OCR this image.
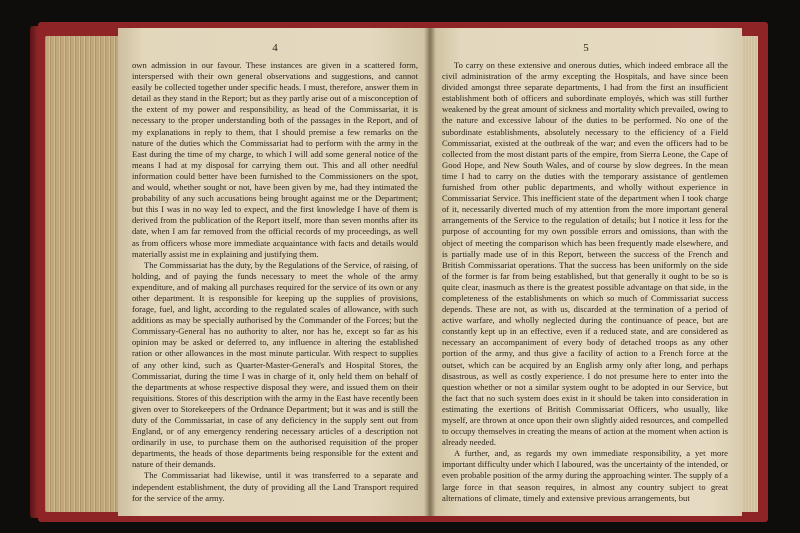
4

own admission in our favour. These instances are given in a scattered form, interspersed with their own general observations and suggestions, and cannot easily be collected together under specific heads. I must, therefore, answer them in detail as they stand in the Report; but as they partly arise out of a misconception of the extent of my power and responsibility, as head of the Commissariat, it is necessary to the proper understanding both of the passages in the Report, and of my explanations in reply to them, that I should premise a few remarks on the nature of the duties which the Commissariat had to perform with the army in the East during the time of my charge, to which I will add some general notice of the means I had at my disposal for carrying them out. This and all other needful information could better have been furnished to the Commissioners on the spot, and would, whether sought or not, have been given by me, had they intimated the probability of any such accusations being brought against me or the Department; but this I was in no way led to expect, and the first knowledge I have of them is derived from the publication of the Report itself, more than seven months after its date, when I am far removed from the official records of my proceedings, as well as from officers whose more immediate acquaintance with facts and details would materially assist me in explaining and justifying them.

The Commissariat has the duty, by the Regulations of the Service, of raising, of holding, and of paying the funds necessary to meet the whole of the army expenditure, and of making all purchases required for the service of its own or any other department. It is responsible for keeping up the supplies of provisions, forage, fuel, and light, according to the regulated scales of allowance, with such additions as may be specially authorised by the Commander of the Forces; but the Commissary-General has no authority to alter, nor has he, except so far as his opinion may be asked or deferred to, any influence in altering the established ration or other allowances in the most minute particular. With respect to supplies of any other kind, such as Quarter-Master-General's and Hospital Stores, the Commissariat, during the time I was in charge of it, only held them on behalf of the departments at whose respective disposal they were, and issued them on their requisitions. Stores of this description with the army in the East have recently been given over to Storekeepers of the Ordnance Department; but it was and is still the duty of the Commissariat, in case of any deficiency in the supply sent out from England, or of any emergency rendering necessary articles of a description not ordinarily in use, to purchase them on the authorised requisition of the proper departments, the heads of those departments being responsible for the extent and nature of their demands.

The Commissariat had likewise, until it was transferred to a separate and independent establishment, the duty of providing all the Land Transport required for the service of the army.

5

To carry on these extensive and onerous duties, which indeed embrace all the civil administration of the army excepting the Hospitals, and have since been divided amongst three separate departments, I had from the first an insufficient establishment both of officers and subordinate employés, which was still further weakened by the great amount of sickness and mortality which prevailed, owing to the nature and excessive labour of the duties to be performed. No one of the subordinate establishments, absolutely necessary to the efficiency of a Field Commissariat, existed at the outbreak of the war; and even the officers had to be collected from the most distant parts of the empire, from Sierra Leone, the Cape of Good Hope, and New South Wales, and of course by slow degrees. In the mean time I had to carry on the duties with the temporary assistance of gentlemen furnished from other public departments, and wholly without experience in Commissariat Service. This inefficient state of the department when I took charge of it, necessarily diverted much of my attention from the more important general arrangements of the Service to the regulation of details; but I notice it less for the purpose of accounting for my own possible errors and omissions, than with the object of meeting the comparison which has been frequently made elsewhere, and is partially made use of in this Report, between the success of the French and British Commissariat operations. That the success has been uniformly on the side of the former is far from being established, but that generally it ought to be so is quite clear, inasmuch as there is the greatest possible advantage on that side, in the completeness of the establishments on which so much of Commissariat success depends. These are not, as with us, discarded at the termination of a period of active warfare, and wholly neglected during the continuance of peace, but are constantly kept up in an effective, even if a reduced state, and are considered as necessary an accompaniment of every body of detached troops as any other portion of the army, and thus give a facility of action to a French force at the outset, which can be acquired by an English army only after long, and perhaps disastrous, as well as costly experience. I do not presume here to enter into the question whether or not a similar system ought to be adopted in our Service, but the fact that no such system does exist in it should be taken into consideration in estimating the exertions of British Commissariat Officers, who usually, like myself, are thrown at once upon their own slightly aided resources, and compelled to occupy themselves in creating the means of action at the moment when action is already needed.

A further, and, as regards my own immediate responsibility, a yet more important difficulty under which I laboured, was the uncertainty of the intended, or even probable position of the army during the approaching winter. The supply of a large force in that season requires, in almost any country subject to great alternations of climate, timely and extensive previous arrangements, but
